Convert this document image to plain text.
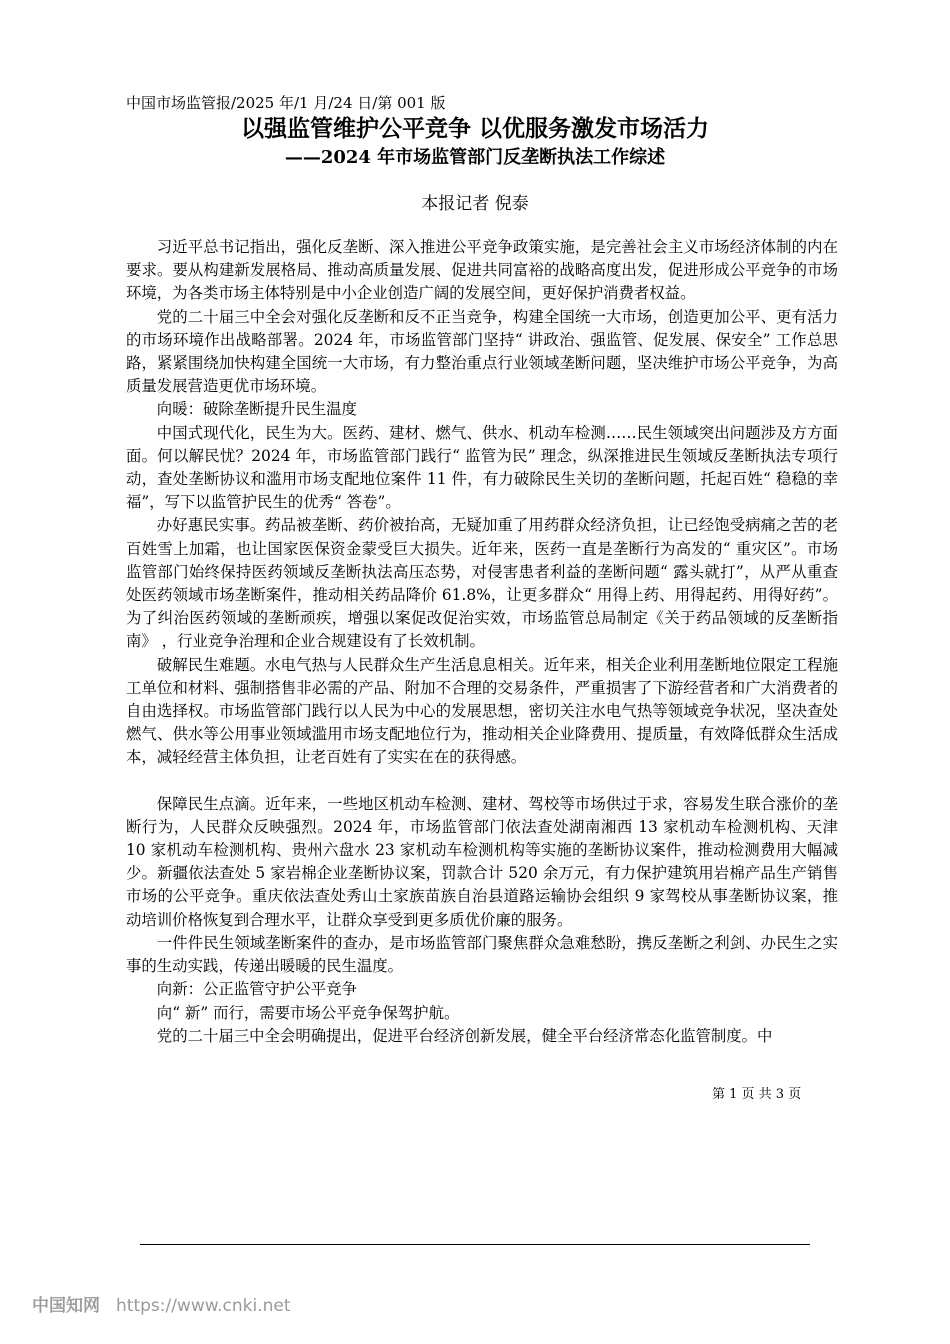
中国市场监管报/2025 年/1 月/24 日/第 001 版
以强监管维护公平竞争 以优服务激发市场活力
——2024 年市场监管部门反垄断执法工作综述
本报记者 倪泰

习近平总书记指出，强化反垄断、深入推进公平竞争政策实施，是完善社会主义市场经济体制的内在要求。要从构建新发展格局、推动高质量发展、促进共同富裕的战略高度出发，促进形成公平竞争的市场环境，为各类市场主体特别是中小企业创造广阔的发展空间，更好保护消费者权益。

党的二十届三中全会对强化反垄断和反不正当竞争，构建全国统一大市场，创造更加公平、更有活力的市场环境作出战略部署。2024 年，市场监管部门坚持“ 讲政治、强监管、促发展、保安全” 工作总思路，紧紧围绕加快构建全国统一大市场，有力整治重点行业领域垄断问题，坚决维护市场公平竞争，为高质量发展营造更优市场环境。

向暖：破除垄断提升民生温度

中国式现代化，民生为大。医药、建材、燃气、供水、机动车检测……民生领域突出问题涉及方方面面。何以解民忧？2024 年，市场监管部门践行“ 监管为民” 理念，纵深推进民生领域反垄断执法专项行动，查处垄断协议和滥用市场支配地位案件 11 件，有力破除民生关切的垄断问题，托起百姓“ 稳稳的幸福”，写下以监管护民生的优秀“ 答卷”。

办好惠民实事。药品被垄断、药价被抬高，无疑加重了用药群众经济负担，让已经饱受病痛之苦的老百姓雪上加霜，也让国家医保资金蒙受巨大损失。近年来，医药一直是垄断行为高发的“ 重灾区”。市场监管部门始终保持医药领域反垄断执法高压态势，对侵害患者利益的垄断问题“ 露头就打”，从严从重查处医药领域市场垄断案件，推动相关药品降价 61.8%，让更多群众“ 用得上药、用得起药、用得好药”。为了纠治医药领域的垄断顽疾，增强以案促改促治实效，市场监管总局制定《关于药品领域的反垄断指南》 ，行业竞争治理和企业合规建设有了长效机制。

破解民生难题。水电气热与人民群众生产生活息息相关。近年来，相关企业利用垄断地位限定工程施工单位和材料、强制搭售非必需的产品、附加不合理的交易条件，严重损害了下游经营者和广大消费者的自由选择权。市场监管部门践行以人民为中心的发展思想，密切关注水电气热等领域竞争状况，坚决查处燃气、供水等公用事业领域滥用市场支配地位行为，推动相关企业降费用、提质量，有效降低群众生活成本，减轻经营主体负担，让老百姓有了实实在在的获得感。

保障民生点滴。近年来，一些地区机动车检测、建材、驾校等市场供过于求，容易发生联合涨价的垄断行为，人民群众反映强烈。2024 年，市场监管部门依法查处湖南湘西 13 家机动车检测机构、天津 10 家机动车检测机构、贵州六盘水 23 家机动车检测机构等实施的垄断协议案件，推动检测费用大幅减少。新疆依法查处 5 家岩棉企业垄断协议案，罚款合计 520 余万元，有力保护建筑用岩棉产品生产销售市场的公平竞争。重庆依法查处秀山土家族苗族自治县道路运输协会组织 9 家驾校从事垄断协议案，推动培训价格恢复到合理水平，让群众享受到更多质优价廉的服务。

一件件民生领域垄断案件的查办，是市场监管部门聚焦群众急难愁盼，携反垄断之利剑、办民生之实事的生动实践，传递出暖暖的民生温度。

向新：公正监管守护公平竞争

向“ 新” 而行，需要市场公平竞争保驾护航。

党的二十届三中全会明确提出，促进平台经济创新发展，健全平台经济常态化监管制度。中

第 1 页 共 3 页
中国知网 https://www.cnki.net
